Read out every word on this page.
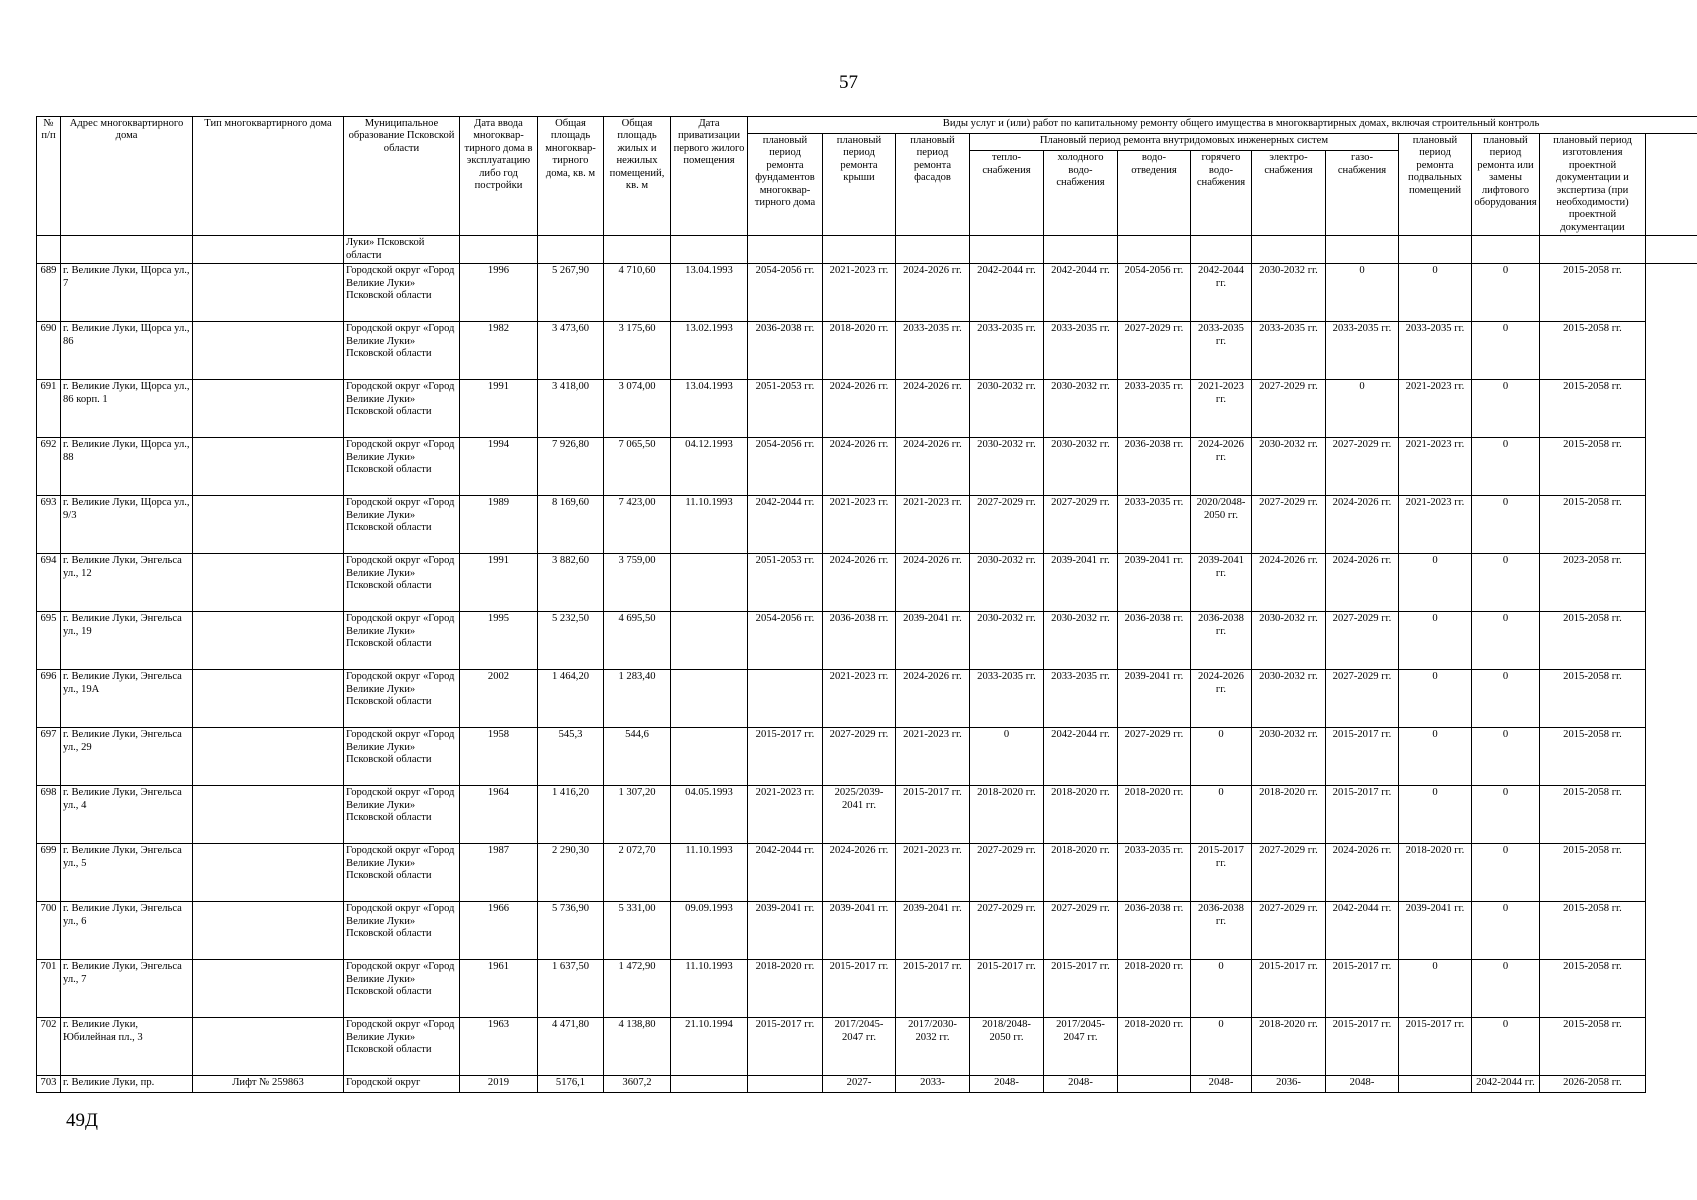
57
№ п/п	Адрес многоквартирного дома	Тип многоквартирного дома	Муниципальное образование Псковской области	Дата ввода многоквар-тирного дома в эксплуатацию либо год постройки	Общая площадь многоквар-тирного дома, кв. м	Общая площадь жилых и нежилых помещений, кв. м	Дата приватизации первого жилого помещения	Виды услуг и (или) работ по капитальному ремонту общего имущества в многоквартирных домах, включая строительный контроль												
								плановый период ремонта фундаментов многоквар-тирного дома	плановый период ремонта крыши	плановый период ремонта фасадов	Плановый период ремонта внутридомовых инженерных систем						плановый период ремонта подвальных помещений	плановый период ремонта или замены лифтового оборудования	плановый период изготовления проектной документации и экспертиза (при необходимости) проектной документации	
											тепло-снабжения	холодного водо-снабжения	водо-отведения	горячего водо-снабжения	электро-снабжения	газо-снабжения				
			Луки» Псковской области																	
689	г. Великие Луки, Щорса ул., 7		Городской округ «Город Великие Луки» Псковской области	1996	5 267,90	4 710,60	13.04.1993	2054-2056 гг.	2021-2023 гг.	2024-2026 гг.	2042-2044 гг.	2042-2044 гг.	2054-2056 гг.	2042-2044 гг.	2030-2032 гг.	0	0	0	2015-2058 гг.	
690	г. Великие Луки, Щорса ул., 86		Городской округ «Город Великие Луки» Псковской области	1982	3 473,60	3 175,60	13.02.1993	2036-2038 гг.	2018-2020 гг.	2033-2035 гг.	2033-2035 гг.	2033-2035 гг.	2027-2029 гг.	2033-2035 гг.	2033-2035 гг.	2033-2035 гг.	2033-2035 гг.	0	2015-2058 гг.	
691	г. Великие Луки, Щорса ул., 86 корп. 1		Городской округ «Город Великие Луки» Псковской области	1991	3 418,00	3 074,00	13.04.1993	2051-2053 гг.	2024-2026 гг.	2024-2026 гг.	2030-2032 гг.	2030-2032 гг.	2033-2035 гг.	2021-2023 гг.	2027-2029 гг.	0	2021-2023 гг.	0	2015-2058 гг.	
692	г. Великие Луки, Щорса ул., 88		Городской округ «Город Великие Луки» Псковской области	1994	7 926,80	7 065,50	04.12.1993	2054-2056 гг.	2024-2026 гг.	2024-2026 гг.	2030-2032 гг.	2030-2032 гг.	2036-2038 гг.	2024-2026 гг.	2030-2032 гг.	2027-2029 гг.	2021-2023 гг.	0	2015-2058 гг.	
693	г. Великие Луки, Щорса ул., 9/3		Городской округ «Город Великие Луки» Псковской области	1989	8 169,60	7 423,00	11.10.1993	2042-2044 гг.	2021-2023 гг.	2021-2023 гг.	2027-2029 гг.	2027-2029 гг.	2033-2035 гг.	2020/2048-2050 гг.	2027-2029 гг.	2024-2026 гг.	2021-2023 гг.	0	2015-2058 гг.	
694	г. Великие Луки, Энгельса ул., 12		Городской округ «Город Великие Луки» Псковской области	1991	3 882,60	3 759,00		2051-2053 гг.	2024-2026 гг.	2024-2026 гг.	2030-2032 гг.	2039-2041 гг.	2039-2041 гг.	2039-2041 гг.	2024-2026 гг.	2024-2026 гг.	0	0	2023-2058 гг.	
695	г. Великие Луки, Энгельса ул., 19		Городской округ «Город Великие Луки» Псковской области	1995	5 232,50	4 695,50		2054-2056 гг.	2036-2038 гг.	2039-2041 гг.	2030-2032 гг.	2030-2032 гг.	2036-2038 гг.	2036-2038 гг.	2030-2032 гг.	2027-2029 гг.	0	0	2015-2058 гг.	
696	г. Великие Луки, Энгельса ул., 19А		Городской округ «Город Великие Луки» Псковской области	2002	1 464,20	1 283,40			2021-2023 гг.	2024-2026 гг.	2033-2035 гг.	2033-2035 гг.	2039-2041 гг.	2024-2026 гг.	2030-2032 гг.	2027-2029 гг.	0	0	2015-2058 гг.	
697	г. Великие Луки, Энгельса ул., 29		Городской округ «Город Великие Луки» Псковской области	1958	545,3	544,6		2015-2017 гг.	2027-2029 гг.	2021-2023 гг.	0	2042-2044 гг.	2027-2029 гг.	0	2030-2032 гг.	2015-2017 гг.	0	0	2015-2058 гг.	
698	г. Великие Луки, Энгельса ул., 4		Городской округ «Город Великие Луки» Псковской области	1964	1 416,20	1 307,20	04.05.1993	2021-2023 гг.	2025/2039-2041 гг.	2015-2017 гг.	2018-2020 гг.	2018-2020 гг.	2018-2020 гг.	0	2018-2020 гг.	2015-2017 гг.	0	0	2015-2058 гг.	
699	г. Великие Луки, Энгельса ул., 5		Городской округ «Город Великие Луки» Псковской области	1987	2 290,30	2 072,70	11.10.1993	2042-2044 гг.	2024-2026 гг.	2021-2023 гг.	2027-2029 гг.	2018-2020 гг.	2033-2035 гг.	2015-2017 гг.	2027-2029 гг.	2024-2026 гг.	2018-2020 гг.	0	2015-2058 гг.	
700	г. Великие Луки, Энгельса ул., 6		Городской округ «Город Великие Луки» Псковской области	1966	5 736,90	5 331,00	09.09.1993	2039-2041 гг.	2039-2041 гг.	2039-2041 гг.	2027-2029 гг.	2027-2029 гг.	2036-2038 гг.	2036-2038 гг.	2027-2029 гг.	2042-2044 гг.	2039-2041 гг.	0	2015-2058 гг.	
701	г. Великие Луки, Энгельса ул., 7		Городской округ «Город Великие Луки» Псковской области	1961	1 637,50	1 472,90	11.10.1993	2018-2020 гг.	2015-2017 гг.	2015-2017 гг.	2015-2017 гг.	2015-2017 гг.	2018-2020 гг.	0	2015-2017 гг.	2015-2017 гг.	0	0	2015-2058 гг.	
702	г. Великие Луки, Юбилейная пл., 3		Городской округ «Город Великие Луки» Псковской области	1963	4 471,80	4 138,80	21.10.1994	2015-2017 гг.	2017/2045-2047 гг.	2017/2030-2032 гг.	2018/2048-2050 гг.	2017/2045-2047 гг.	2018-2020 гг.	0	2018-2020 гг.	2015-2017 гг.	2015-2017 гг.	0	2015-2058 гг.	
703	г. Великие Луки, пр.	Лифт № 259863	Городской округ	2019	5176,1	3607,2			2027-	2033-	2048-	2048-		2048-	2036-	2048-		2042-2044 гг.	2026-2058 гг.	
49Д
